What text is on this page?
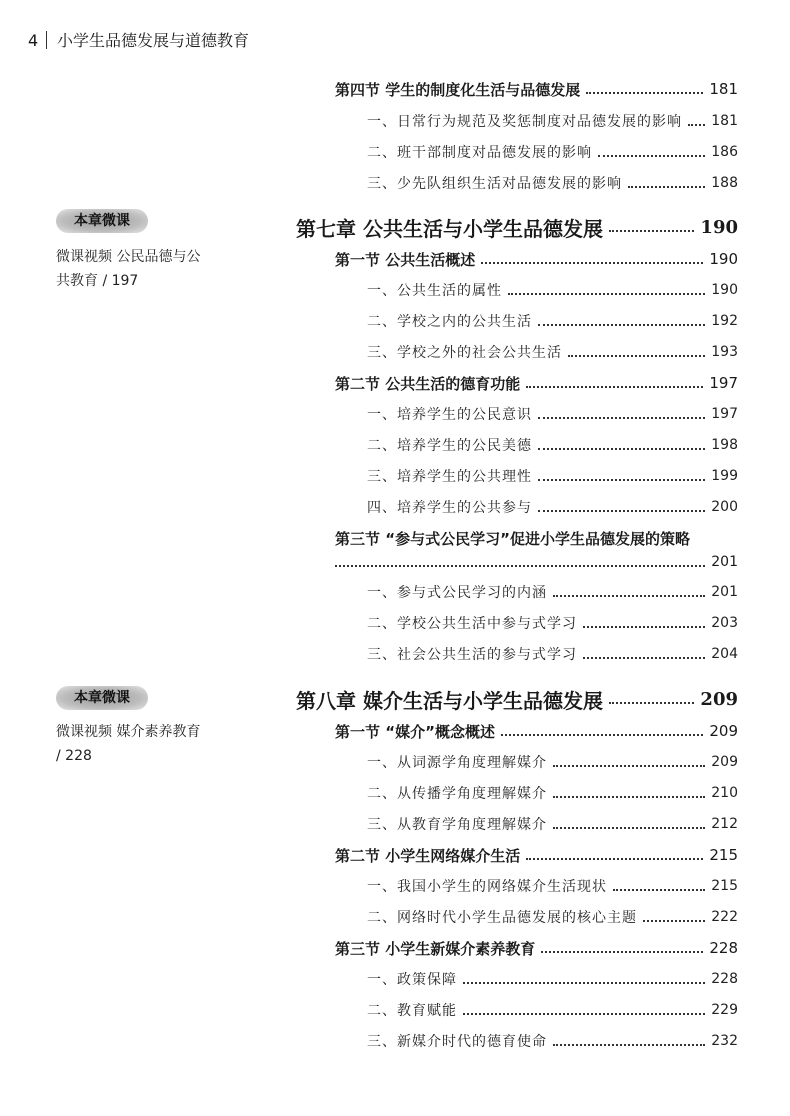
4 小学生品德发展与道德教育
本章微课
微课视频 公民品德与公
共教育 / 197
本章微课
微课视频 媒介素养教育
/ 228
第四节 学生的制度化生活与品德发展	181
一、日常行为规范及奖惩制度对品德发展的影响 181
二、班干部制度对品德发展的影响	186
三、少先队组织生活对品德发展的影响	188
第七章 公共生活与小学生品德发展	190
第一节 公共生活概述	190
一、公共生活的属性	190
二、学校之内的公共生活	192
三、学校之外的社会公共生活	193
第二节 公共生活的德育功能	197
一、培养学生的公民意识	197
二、培养学生的公民美德	198
三、培养学生的公共理性	199
四、培养学生的公共参与	200
第三节 “参与式公民学习”促进小学生品德发展的策略
201
一、参与式公民学习的内涵	201
二、学校公共生活中参与式学习	203
三、社会公共生活的参与式学习	204
第八章 媒介生活与小学生品德发展	209
第一节 “媒介”概念概述	209
一、从词源学角度理解媒介	209
二、从传播学角度理解媒介	210
三、从教育学角度理解媒介	212
第二节 小学生网络媒介生活	215
一、我国小学生的网络媒介生活现状	215
二、网络时代小学生品德发展的核心主题	222
第三节 小学生新媒介素养教育	228
一、政策保障	228
二、教育赋能	229
三、新媒介时代的德育使命	232
